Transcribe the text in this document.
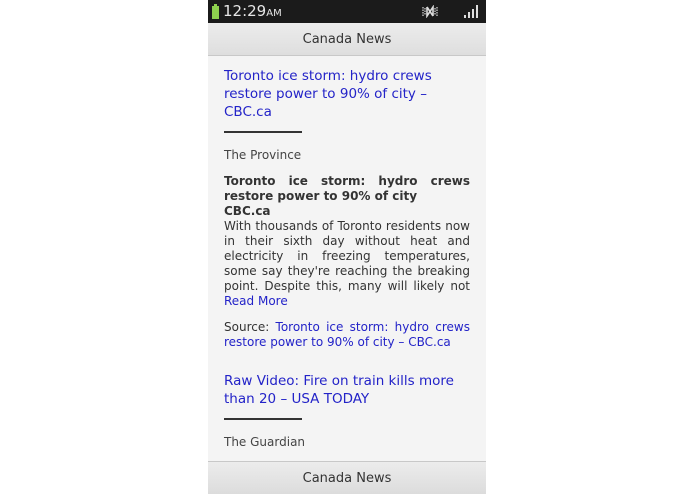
12:29AM
Canada News
Toronto ice storm: hydro crews restore power to 90% of city – CBC.ca
The Province
Toronto ice storm: hydro crews restore power to 90% of city
CBC.ca
With thousands of Toronto residents now in their sixth day without heat and electricity in freezing temperatures, some say they're reaching the breaking point. Despite this, many will likely not Read More
Source: Toronto ice storm: hydro crews restore power to 90% of city – CBC.ca
Raw Video: Fire on train kills more than 20 – USA TODAY
The Guardian
Canada News
